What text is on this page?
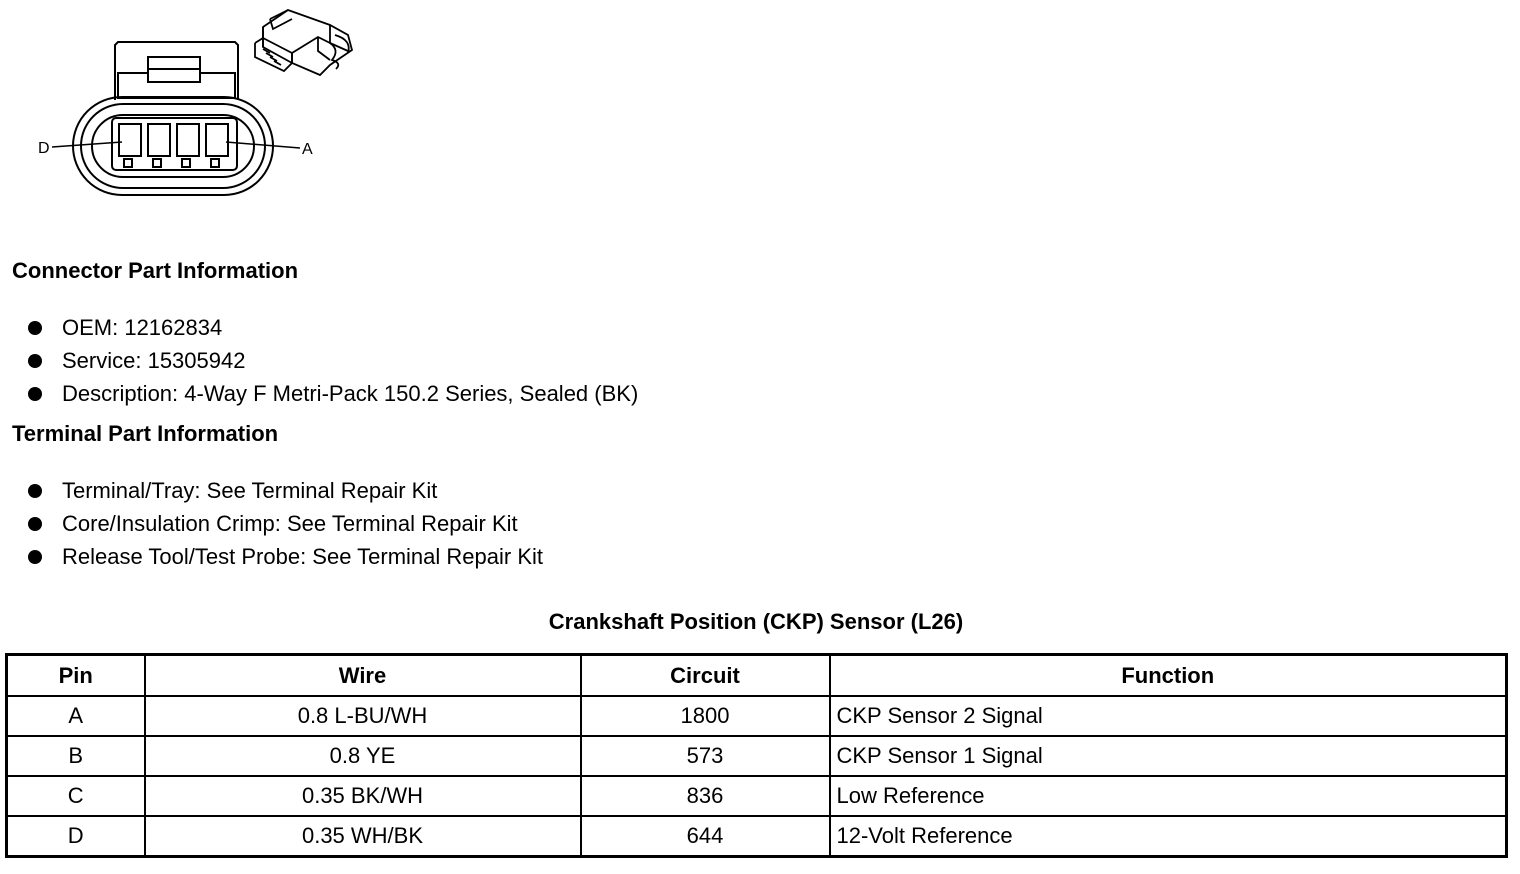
D	A
Connector Part Information
OEM: 12162834
Service: 15305942
Description: 4-Way F Metri-Pack 150.2 Series, Sealed (BK)
Terminal Part Information
Terminal/Tray: See Terminal Repair Kit
Core/Insulation Crimp: See Terminal Repair Kit
Release Tool/Test Probe: See Terminal Repair Kit
Crankshaft Position (CKP) Sensor (L26)
Pin	Wire	Circuit	Function
A	0.8 L-BU/WH	1800	CKP Sensor 2 Signal
B	0.8 YE	573	CKP Sensor 1 Signal
C	0.35 BK/WH	836	Low Reference
D	0.35 WH/BK	644	12-Volt Reference
